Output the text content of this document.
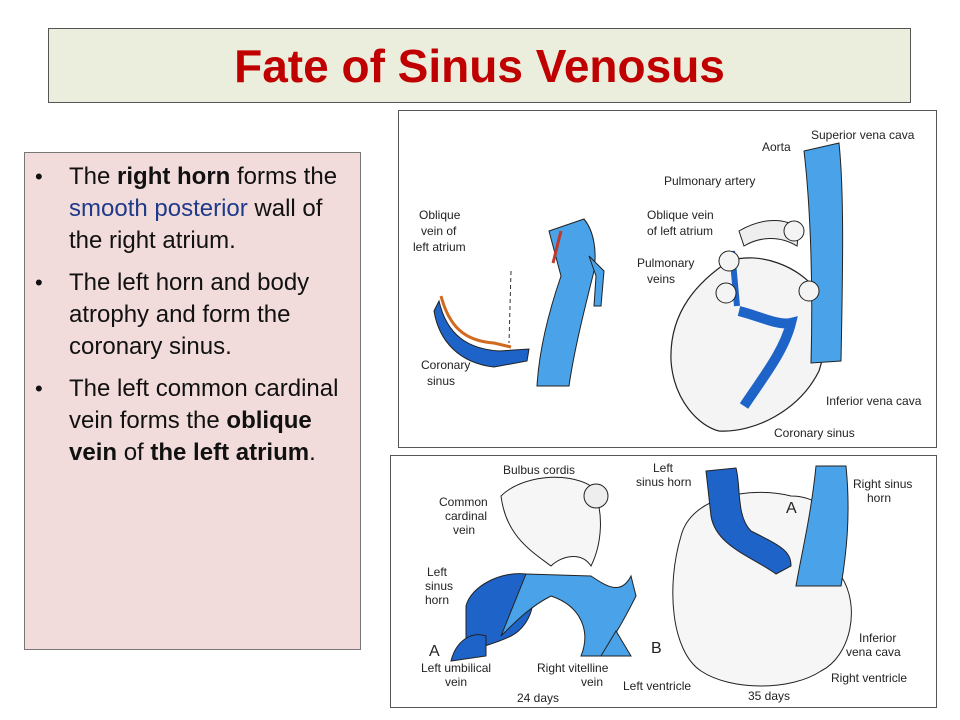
Fate of Sinus Venosus
• The right horn forms the smooth posterior wall of the right atrium.
• The left horn and body atrophy and form the coronary sinus.
• The left common cardinal vein forms the oblique vein of the left atrium.
Oblique
vein of
left atrium
Coronary
sinus
Aorta
Superior vena cava
Pulmonary artery
Oblique vein
of left atrium
Pulmonary
veins
Inferior vena cava
Coronary sinus
Bulbus cordis
Common
cardinal
vein
Left
sinus
horn
A
Left umbilical
vein
Right vitelline
vein
24 days
Left
sinus horn
A
Right sinus
horn
Inferior
vena cava
B
Left ventricle
Right ventricle
35 days
